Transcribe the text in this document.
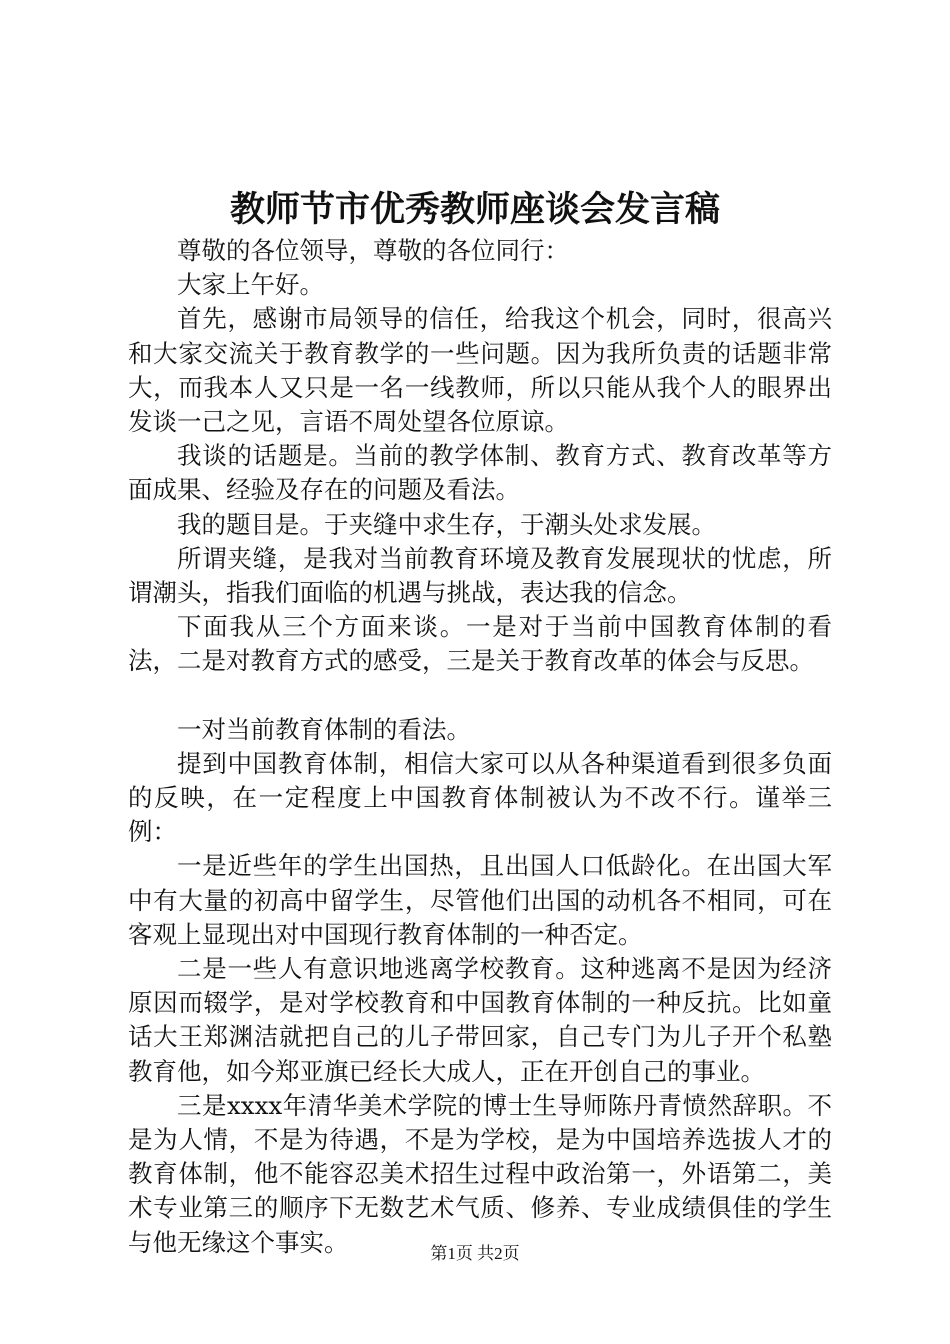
教师节市优秀教师座谈会发言稿

尊敬的各位领导，尊敬的各位同行：

大家上午好。

首先，感谢市局领导的信任，给我这个机会，同时，很高兴和大家交流关于教育教学的一些问题。因为我所负责的话题非常大，而我本人又只是一名一线教师，所以只能从我个人的眼界出发谈一己之见，言语不周处望各位原谅。

我谈的话题是。当前的教学体制、教育方式、教育改革等方面成果、经验及存在的问题及看法。

我的题目是。于夹缝中求生存，于潮头处求发展。

所谓夹缝，是我对当前教育环境及教育发展现状的忧虑，所谓潮头，指我们面临的机遇与挑战，表达我的信念。

下面我从三个方面来谈。一是对于当前中国教育体制的看法，二是对教育方式的感受，三是关于教育改革的体会与反思。

一对当前教育体制的看法。

提到中国教育体制，相信大家可以从各种渠道看到很多负面的反映，在一定程度上中国教育体制被认为不改不行。谨举三例：

一是近些年的学生出国热，且出国人口低龄化。在出国大军中有大量的初高中留学生，尽管他们出国的动机各不相同，可在客观上显现出对中国现行教育体制的一种否定。

二是一些人有意识地逃离学校教育。这种逃离不是因为经济原因而辍学，是对学校教育和中国教育体制的一种反抗。比如童话大王郑渊洁就把自己的儿子带回家，自己专门为儿子开个私塾教育他，如今郑亚旗已经长大成人，正在开创自己的事业。

三是xxxx年清华美术学院的博士生导师陈丹青愤然辞职。不是为人情，不是为待遇，不是为学校，是为中国培养选拔人才的教育体制，他不能容忍美术招生过程中政治第一，外语第二，美术专业第三的顺序下无数艺术气质、修养、专业成绩俱佳的学生与他无缘这个事实。	第1页 共2页
